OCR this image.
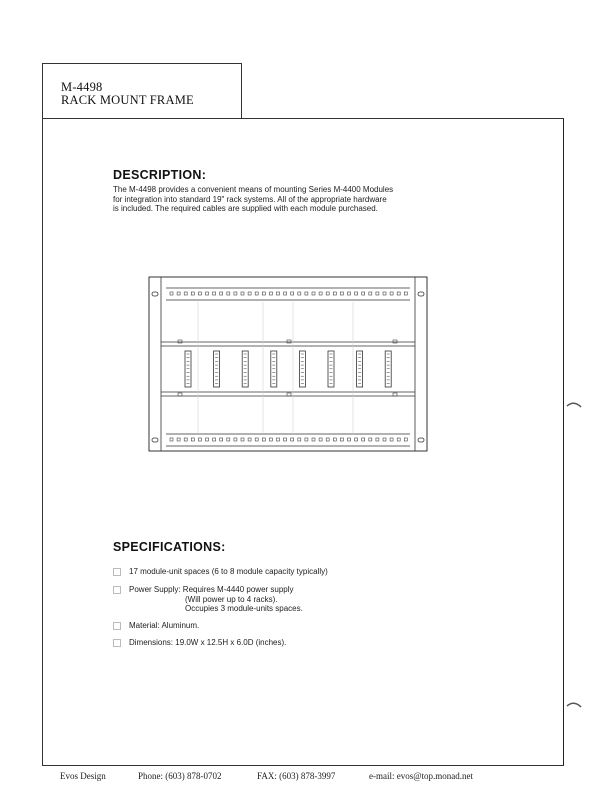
M-4498
RACK MOUNT FRAME
DESCRIPTION:
The M-4498 provides a convenient means of mounting Series M-4400 Modules
for integration into standard 19" rack systems. All of the appropriate hardware
is included. The required cables are supplied with each module purchased.
SPECIFICATIONS:
17 module-unit spaces (6 to 8 module capacity typically)
Power Supply: Requires M-4440 power supply
(Will power up to 4 racks).
Occupies 3 module-units spaces.
Material: Aluminum.
Dimensions: 19.0W x 12.5H x 6.0D (inches).
Evos Design	Phone: (603) 878-0702	FAX: (603) 878-3997	e-mail: evos@top.monad.net
